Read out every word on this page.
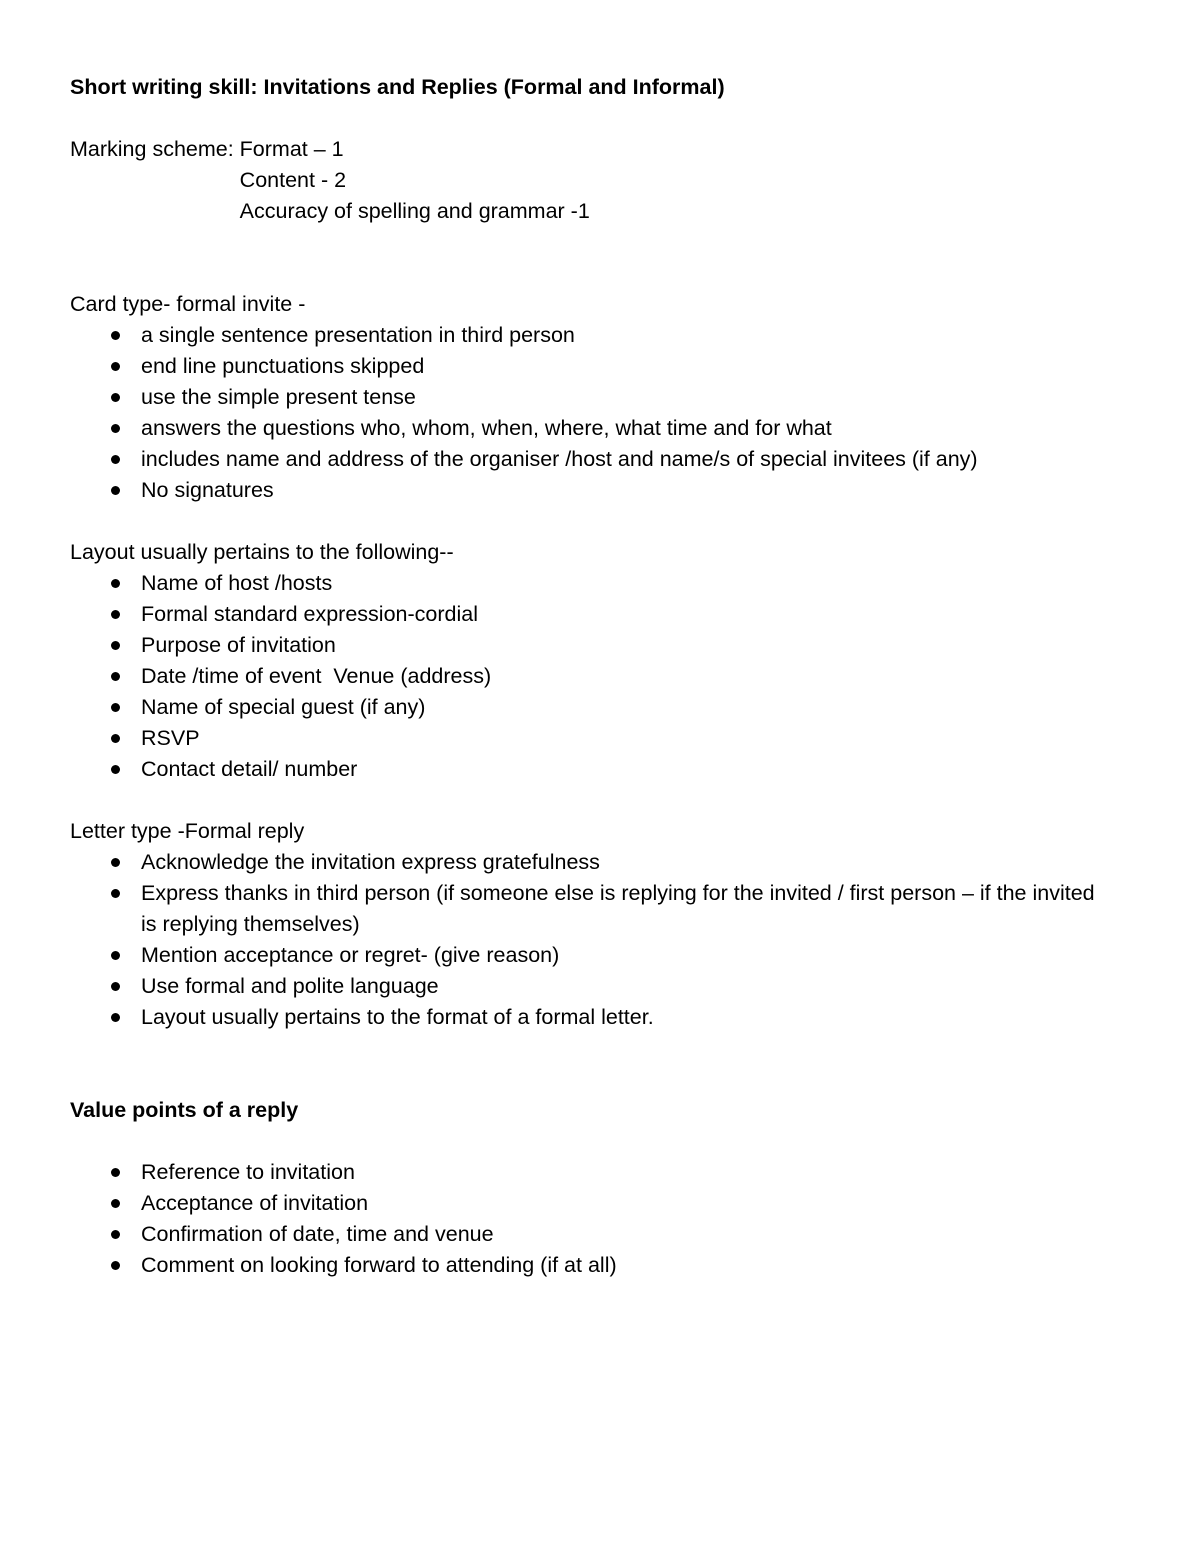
Short writing skill: Invitations and Replies (Formal and Informal)

Marking scheme: Format – 1
Content - 2
Accuracy of spelling and grammar -1

Card type- formal invite -

a single sentence presentation in third person
end line punctuations skipped
use the simple present tense
answers the questions who, whom, when, where, what time and for what
includes name and address of the organiser /host and name/s of special invitees (if any)
No signatures

Layout usually pertains to the following--

Name of host /hosts
Formal standard expression-cordial
Purpose of invitation
Date /time of event  Venue (address)
Name of special guest (if any)
RSVP
Contact detail/ number

Letter type -Formal reply

Acknowledge the invitation express gratefulness
Express thanks in third person (if someone else is replying for the invited / first person – if the invited is replying themselves)
Mention acceptance or regret- (give reason)
Use formal and polite language
Layout usually pertains to the format of a formal letter.

Value points of a reply

Reference to invitation
Acceptance of invitation
Confirmation of date, time and venue
Comment on looking forward to attending (if at all)
